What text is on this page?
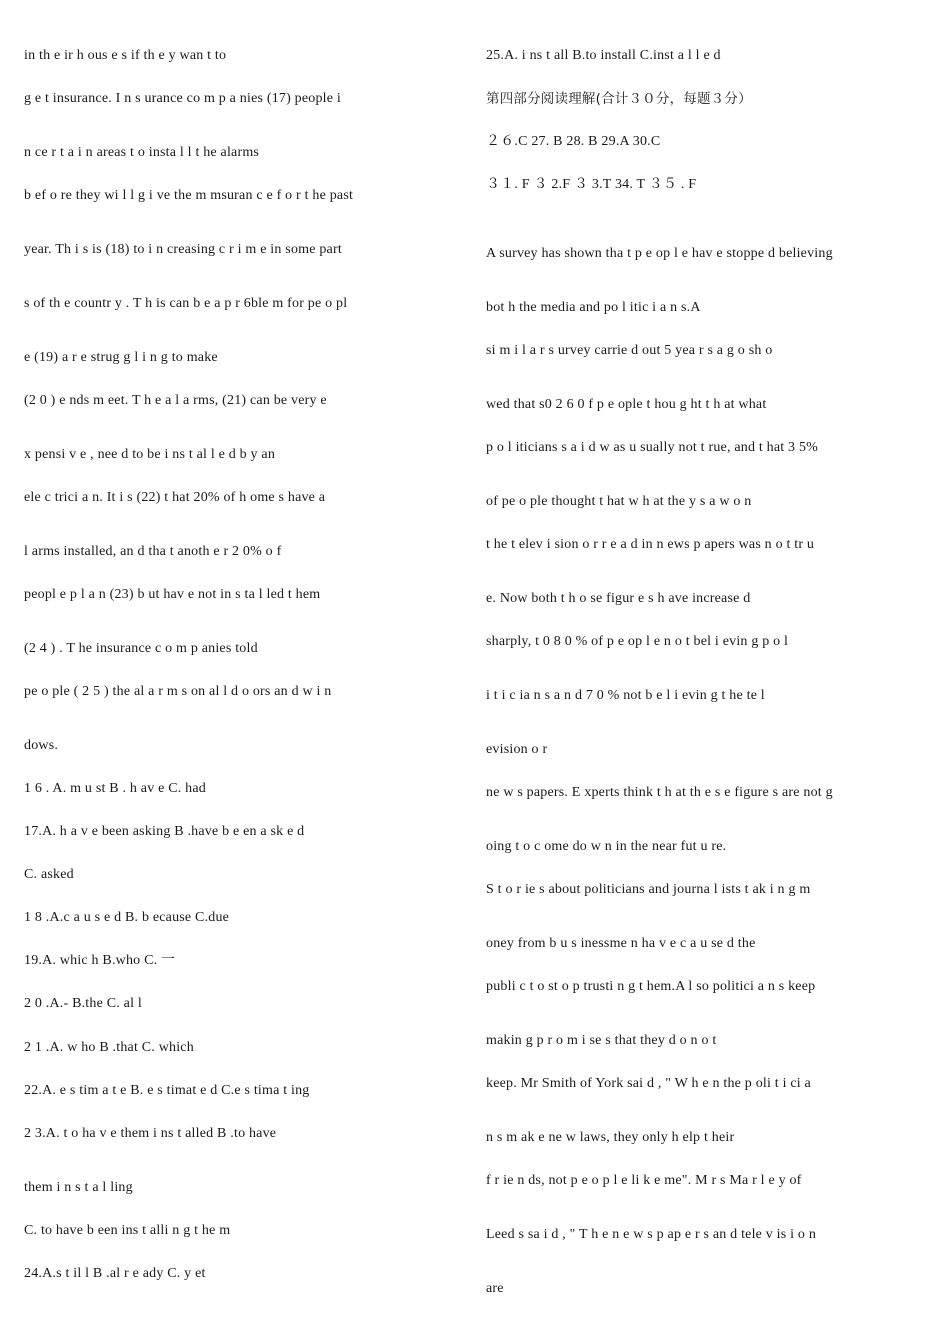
in th e ir h ous e s if th e y wan t to
g e t insurance. I n s urance co m p a nies (17) people i
n ce r t a i n areas t o insta l l t he alarms
b ef o re they wi l l g i ve the m msuran c e f o r t he past
year. Th i s is (18) to i n creasing c r i m e in some part
s of th e countr y . T h is can b e a p r 6ble m for pe o pl
e (19) a r e strug g l i n g to make
(2 0 ) e nds m eet. T h e a l a rms, (21) can be very e
x pensi v e , nee d to be i ns t al l e d b y an
ele c trici a n. It i s (22) t hat 20% of h ome s have a
l arms installed, an d tha t anoth e r 2 0% o f
peopl e p l a n (23) b ut hav e not in s ta l led t hem
(2 4 ) . T he insurance c o m p anies told
pe o ple ( 2 5 ) the al a r m s on al l d o ors an d w i n
dows.
1 6 . A. m u st B . h av e C. had
17.A. h a v e been asking B .have b e en a sk e d
C. asked
1 8 .A.c a u s e d B. b ecause C.due
19.A. whic h B.who C. 一
2 0 .A.- B.the C. al l
2 1 .A. w ho B .that C. which
22.A. e s tim a t e B. e s timat e d C.e s tima t ing
2 3.A. t o ha v e them i ns t alled B .to have
them i n s t a l ling
C. to have b een ins t alli n g t he m
24.A.s t il l B .al r e ady C. y et
25.A. i ns t all B.to install C.inst a l l e d
第四部分阅读理解(合计３０分，每题３分）
２６.C 27. B 28. B 29.A 30.C
３１. F ３ 2.F ３ 3.T 34. T ３５ . F
A survey has shown tha t p e op l e hav e stoppe d believing
bot h the media and po l itic i a n s.A
si m i l a r s urvey carrie d out 5 yea r s a g o sh o
wed that s0 2 6 0 f p e ople t hou g ht t h at what
p o l iticians s a i d w as u sually not t rue, and t hat 3 5%
of pe o ple thought t hat w h at the y s a w o n
t he t elev i sion o r r e a d in n ews p apers was n o t tr u
e. Now both t h o se figur e s h ave increase d
sharply, t 0 8 0 % of p e op l e n o t bel i evin g p o l
i t i c ia n s a n d 7 0 % not b e l i evin g t he te l
evision o r
ne w s papers. E xperts think t h at th e s e figure s are not g
oing t o c ome do w n in the near fut u re.
S t o r ie s about politicians and journa l ists t ak i n g m
oney from b u s inessme n ha v e c a u se d the
publi c t o st o p trusti n g t hem.A l so politici a n s keep
makin g p r o m i se s that they d o n o t
keep. Mr Smith of York sai d , " W h e n the p oli t i ci a
n s m ak e ne w laws, they only h elp t heir
f r ie n ds, not p e o p l e li k e me". M r s Ma r l e y of
Leed s sa i d , " T h e n e w s p ap e r s an d tele v is i o n
are
